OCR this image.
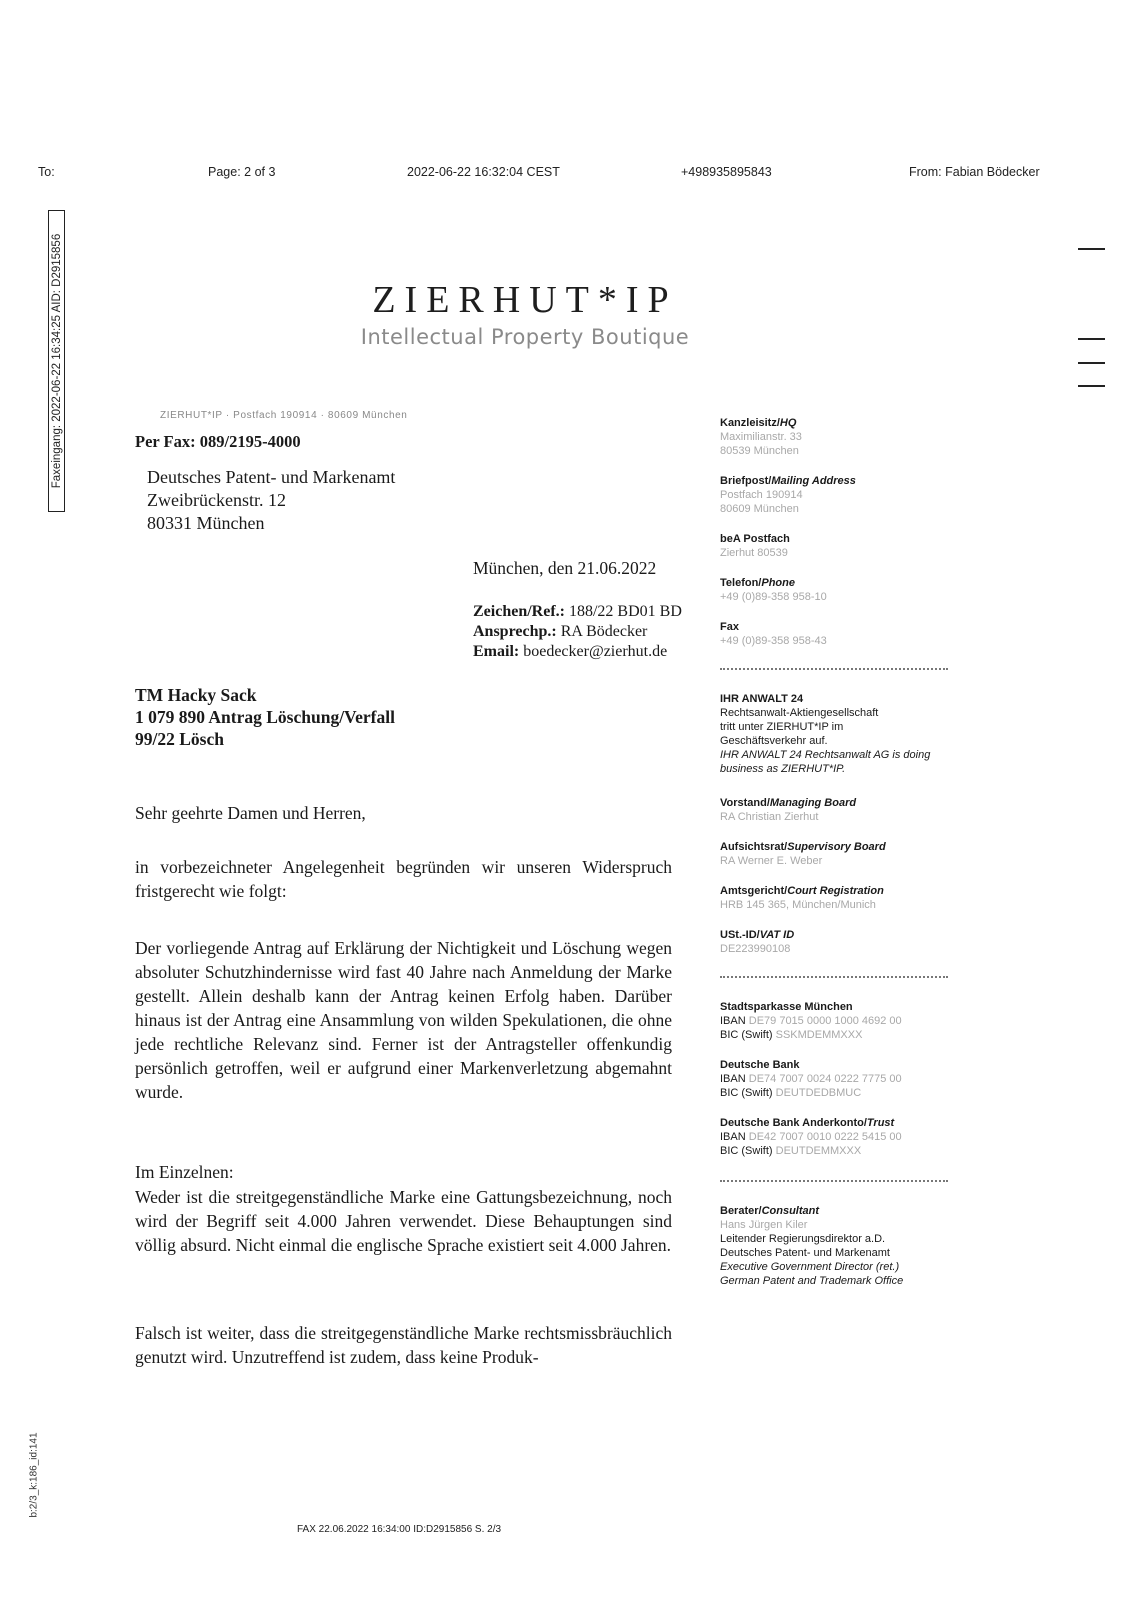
To:	Page: 2 of 3	2022-06-22 16:32:04 CEST	+498935895843	From: Fabian Bödecker
Faxeingang: 2022-06-22 16:34:25 AID: D2915856
b:2/3_k:186_id:141
ZIERHUT*IP
Intellectual Property Boutique
ZIERHUT*IP · Postfach 190914 · 80609 München
Per Fax: 089/2195-4000
Deutsches Patent- und Markenamt
Zweibrückenstr. 12
80331 München
München, den 21.06.2022
Zeichen/Ref.: 188/22 BD01 BD
Ansprechp.: RA Bödecker
Email: boedecker@zierhut.de
TM Hacky Sack
1 079 890 Antrag Löschung/Verfall
99/22 Lösch
Sehr geehrte Damen und Herren,
in vorbezeichneter Angelegenheit begründen wir unseren Widerspruch fristgerecht wie folgt:
Der vorliegende Antrag auf Erklärung der Nichtigkeit und Löschung wegen absoluter Schutzhindernisse wird fast 40 Jahre nach Anmeldung der Marke gestellt. Allein deshalb kann der Antrag keinen Erfolg haben. Darüber hinaus ist der Antrag eine Ansammlung von wilden Spekulationen, die ohne jede rechtliche Relevanz sind. Ferner ist der Antragsteller offenkundig persönlich getroffen, weil er aufgrund einer Markenverletzung abgemahnt wurde.
Im Einzelnen:
Weder ist die streitgegenständliche Marke eine Gattungsbezeichnung, noch wird der Begriff seit 4.000 Jahren verwendet. Diese Behauptungen sind völlig absurd. Nicht einmal die englische Sprache existiert seit 4.000 Jahren.
Falsch ist weiter, dass die streitgegenständliche Marke rechtsmissbräuchlich genutzt wird. Unzutreffend ist zudem, dass keine Produk-
Kanzleisitz/HQ
Maximilianstr. 33
80539 München
Briefpost/Mailing Address
Postfach 190914
80609 München
beA Postfach
Zierhut 80539
Telefon/Phone
+49 (0)89-358 958-10
Fax
+49 (0)89-358 958-43
IHR ANWALT 24
Rechtsanwalt-Aktiengesellschaft
tritt unter ZIERHUT*IP im
Geschäftsverkehr auf.
IHR ANWALT 24 Rechtsanwalt AG is doing
business as ZIERHUT*IP.
Vorstand/Managing Board
RA Christian Zierhut
Aufsichtsrat/Supervisory Board
RA Werner E. Weber
Amtsgericht/Court Registration
HRB 145 365, München/Munich
USt.-ID/VAT ID
DE223990108
Stadtsparkasse München
IBAN DE79 7015 0000 1000 4692 00
BIC (Swift) SSKMDEMMXXX
Deutsche Bank
IBAN DE74 7007 0024 0222 7775 00
BIC (Swift) DEUTDEDBMUC
Deutsche Bank Anderkonto/Trust
IBAN DE42 7007 0010 0222 5415 00
BIC (Swift) DEUTDEMMXXX
Berater/Consultant
Hans Jürgen Kiler
Leitender Regierungsdirektor a.D.
Deutsches Patent- und Markenamt
Executive Government Director (ret.)
German Patent and Trademark Office
FAX 22.06.2022 16:34:00 ID:D2915856 S. 2/3
